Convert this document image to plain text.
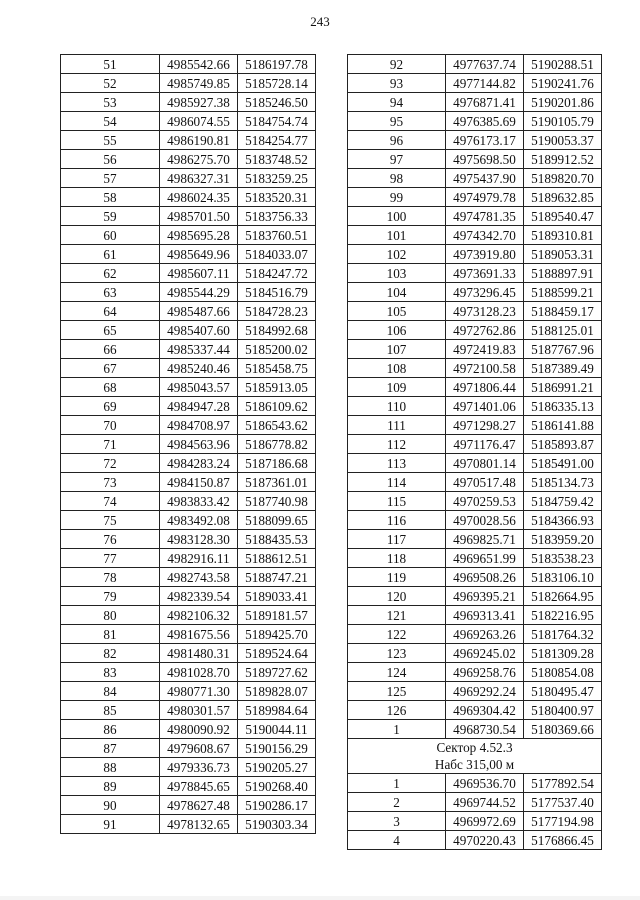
243
51	4985542.66	5186197.78
52	4985749.85	5185728.14
53	4985927.38	5185246.50
54	4986074.55	5184754.74
55	4986190.81	5184254.77
56	4986275.70	5183748.52
57	4986327.31	5183259.25
58	4986024.35	5183520.31
59	4985701.50	5183756.33
60	4985695.28	5183760.51
61	4985649.96	5184033.07
62	4985607.11	5184247.72
63	4985544.29	5184516.79
64	4985487.66	5184728.23
65	4985407.60	5184992.68
66	4985337.44	5185200.02
67	4985240.46	5185458.75
68	4985043.57	5185913.05
69	4984947.28	5186109.62
70	4984708.97	5186543.62
71	4984563.96	5186778.82
72	4984283.24	5187186.68
73	4984150.87	5187361.01
74	4983833.42	5187740.98
75	4983492.08	5188099.65
76	4983128.30	5188435.53
77	4982916.11	5188612.51
78	4982743.58	5188747.21
79	4982339.54	5189033.41
80	4982106.32	5189181.57
81	4981675.56	5189425.70
82	4981480.31	5189524.64
83	4981028.70	5189727.62
84	4980771.30	5189828.07
85	4980301.57	5189984.64
86	4980090.92	5190044.11
87	4979608.67	5190156.29
88	4979336.73	5190205.27
89	4978845.65	5190268.40
90	4978627.48	5190286.17
91	4978132.65	5190303.34
92	4977637.74	5190288.51
93	4977144.82	5190241.76
94	4976871.41	5190201.86
95	4976385.69	5190105.79
96	4976173.17	5190053.37
97	4975698.50	5189912.52
98	4975437.90	5189820.70
99	4974979.78	5189632.85
100	4974781.35	5189540.47
101	4974342.70	5189310.81
102	4973919.80	5189053.31
103	4973691.33	5188897.91
104	4973296.45	5188599.21
105	4973128.23	5188459.17
106	4972762.86	5188125.01
107	4972419.83	5187767.96
108	4972100.58	5187389.49
109	4971806.44	5186991.21
110	4971401.06	5186335.13
111	4971298.27	5186141.88
112	4971176.47	5185893.87
113	4970801.14	5185491.00
114	4970517.48	5185134.73
115	4970259.53	5184759.42
116	4970028.56	5184366.93
117	4969825.71	5183959.20
118	4969651.99	5183538.23
119	4969508.26	5183106.10
120	4969395.21	5182664.95
121	4969313.41	5182216.95
122	4969263.26	5181764.32
123	4969245.02	5181309.28
124	4969258.76	5180854.08
125	4969292.24	5180495.47
126	4969304.42	5180400.97
1	4968730.54	5180369.66

Сектор 4.52.3
Набс 315,00 м		

1	4969536.70	5177892.54
2	4969744.52	5177537.40
3	4969972.69	5177194.98
4	4970220.43	5176866.45
